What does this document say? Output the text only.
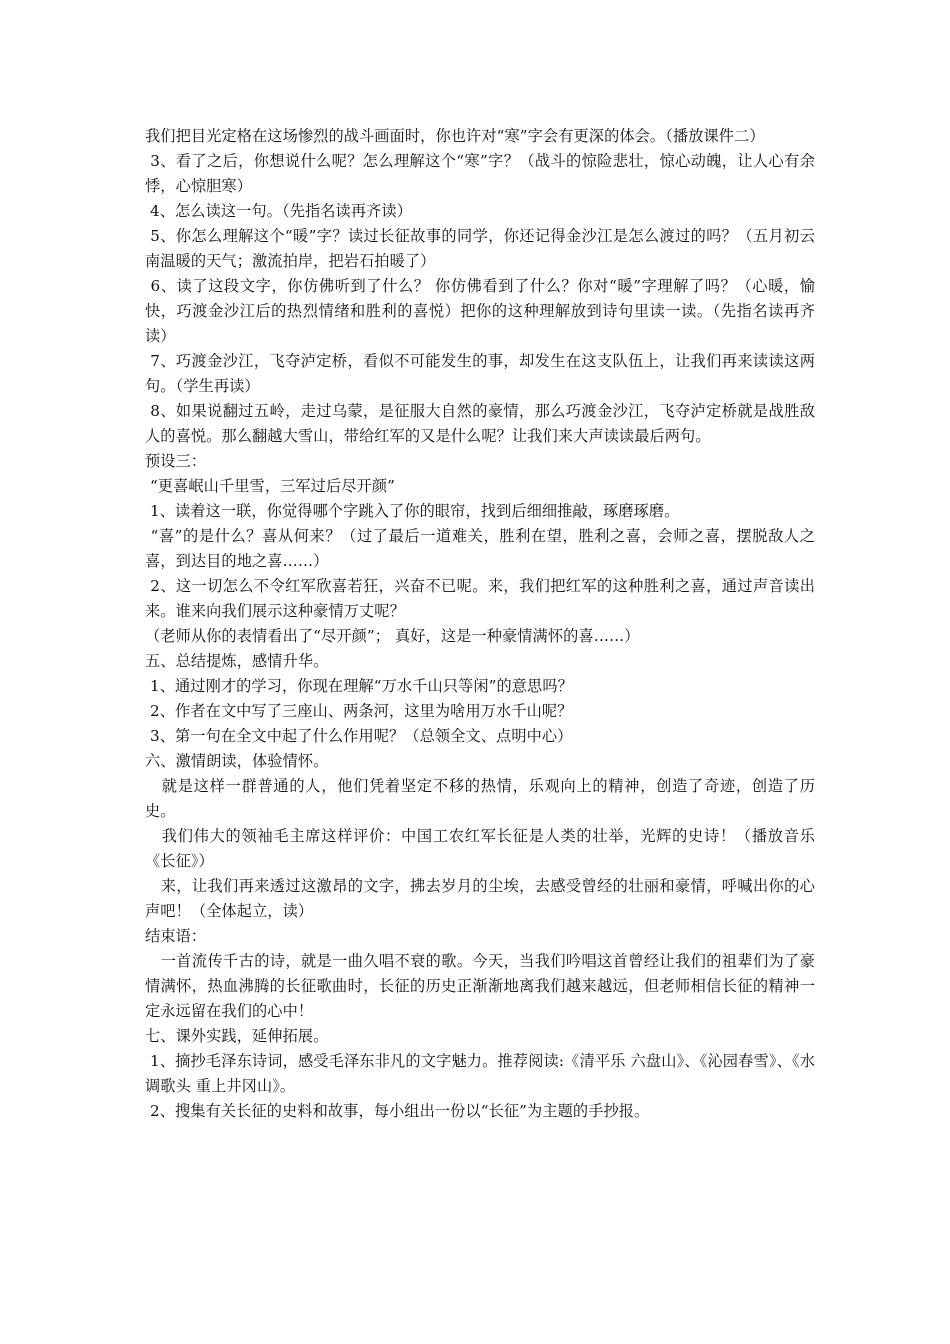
我们把目光定格在这场惨烈的战斗画面时，你也许对“寒”字会有更深的体会。（播放课件二）

3、看了之后，你想说什么呢？怎么理解这个“寒”字？（战斗的惊险悲壮，惊心动魄，让人心有余悸，心惊胆寒）

4、怎么读这一句。（先指名读再齐读）

5、你怎么理解这个“暖”字？读过长征故事的同学，你还记得金沙江是怎么渡过的吗？（五月初云南温暖的天气；激流拍岸，把岩石拍暖了）

6、读了这段文字，你仿佛听到了什么？ 你仿佛看到了什么？你对“暖”字理解了吗？（心暖，愉快，巧渡金沙江后的热烈情绪和胜利的喜悦）把你的这种理解放到诗句里读一读。（先指名读再齐读）

7、巧渡金沙江，飞夺泸定桥，看似不可能发生的事，却发生在这支队伍上，让我们再来读读这两句。（学生再读）

8、如果说翻过五岭，走过乌蒙，是征服大自然的豪情，那么巧渡金沙江，飞夺泸定桥就是战胜敌人的喜悦。那么翻越大雪山，带给红军的又是什么呢？让我们来大声读读最后两句。

预设三：

“更喜岷山千里雪，三军过后尽开颜”

1、读着这一联，你觉得哪个字跳入了你的眼帘，找到后细细推敲，琢磨琢磨。

“喜”的是什么？喜从何来？（过了最后一道难关，胜利在望，胜利之喜，会师之喜，摆脱敌人之喜，到达目的地之喜……）

2、这一切怎么不令红军欣喜若狂，兴奋不已呢。来，我们把红军的这种胜利之喜，通过声音读出来。谁来向我们展示这种豪情万丈呢？

（老师从你的表情看出了“尽开颜”； 真好，这是一种豪情满怀的喜……）

五、总结提炼，感情升华。

1、通过刚才的学习，你现在理解“万水千山只等闲”的意思吗？

2、作者在文中写了三座山、两条河，这里为啥用万水千山呢？

3、第一句在全文中起了什么作用呢？（总领全文、点明中心）

六、激情朗读，体验情怀。

就是这样一群普通的人，他们凭着坚定不移的热情，乐观向上的精神，创造了奇迹，创造了历史。

我们伟大的领袖毛主席这样评价：中国工农红军长征是人类的壮举，光辉的史诗！（播放音乐《长征》）

来，让我们再来透过这激昂的文字，拂去岁月的尘埃，去感受曾经的壮丽和豪情，呼喊出你的心声吧！（全体起立，读）

结束语：

一首流传千古的诗，就是一曲久唱不衰的歌。今天，当我们吟唱这首曾经让我们的祖辈们为了豪情满怀，热血沸腾的长征歌曲时，长征的历史正渐渐地离我们越来越远，但老师相信长征的精神一定永远留在我们的心中！

七、课外实践，延伸拓展。

1、摘抄毛泽东诗词，感受毛泽东非凡的文字魅力。推荐阅读:《清平乐 六盘山》、《沁园春雪》、《水调歌头 重上井冈山》。

2、搜集有关长征的史料和故事，每小组出一份以“长征”为主题的手抄报。
